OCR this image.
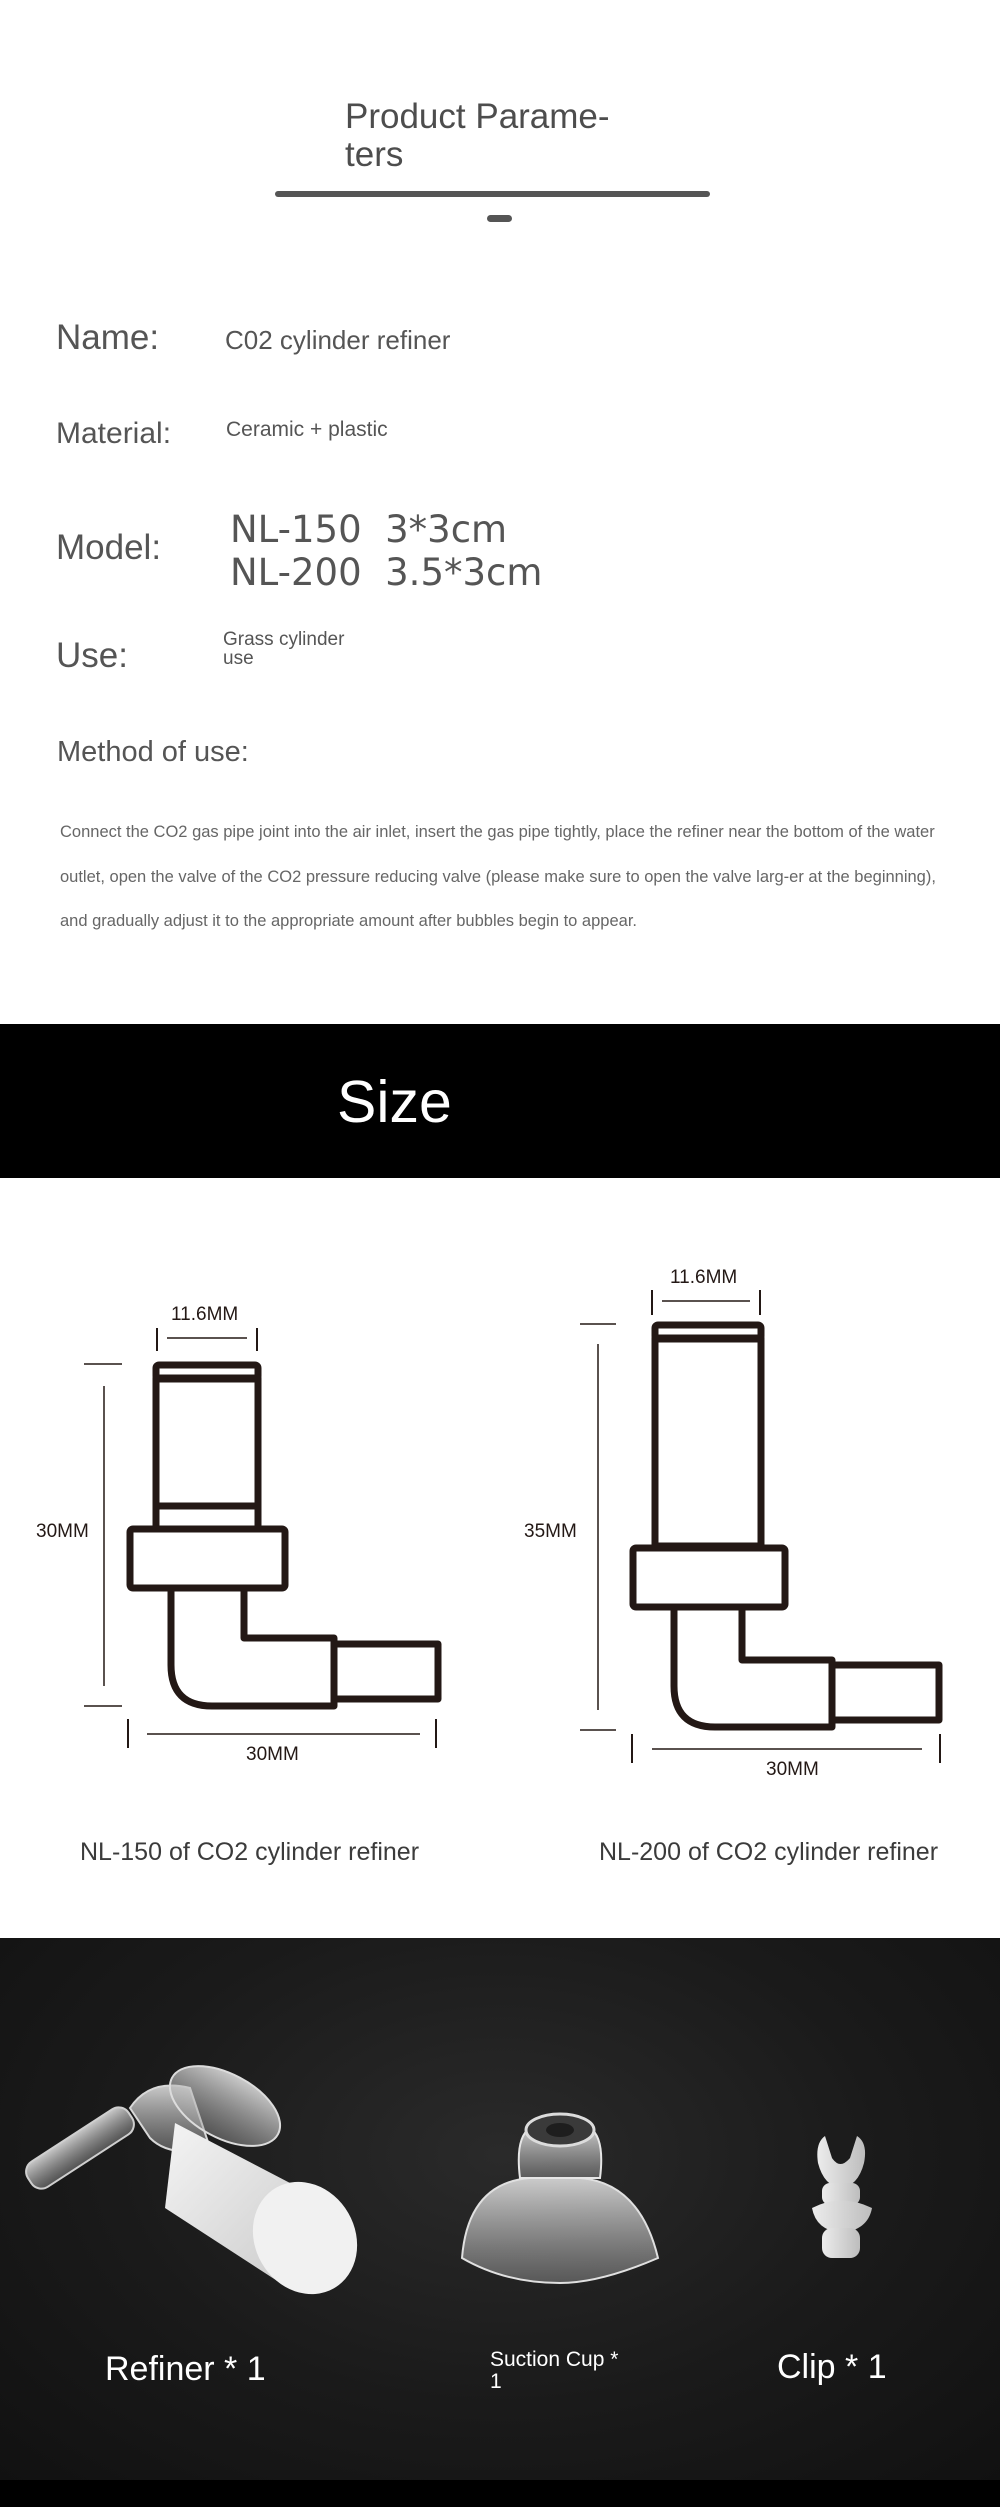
Product Parame-
ters
Name:	C02 cylinder refiner
Material:	Ceramic + plastic
Model: NL-150  3*3cm
NL-200  3.5*3cm
Use:	Grass cylinder use
Method of use:
Connect the CO2 gas pipe joint into the air inlet, insert the gas pipe tightly, place the refiner near the bottom of the water outlet, open the valve of the CO2 pressure reducing valve (please make sure to open the valve larg-er at the beginning), and gradually adjust it to the appropriate amount after bubbles begin to appear.
Size
11.6MM
30MM
30MM
11.6MM
35MM
30MM
NL-150 of CO2 cylinder refiner	NL-200 of CO2 cylinder refiner
Refiner * 1	Suction Cup * 1	Clip * 1
